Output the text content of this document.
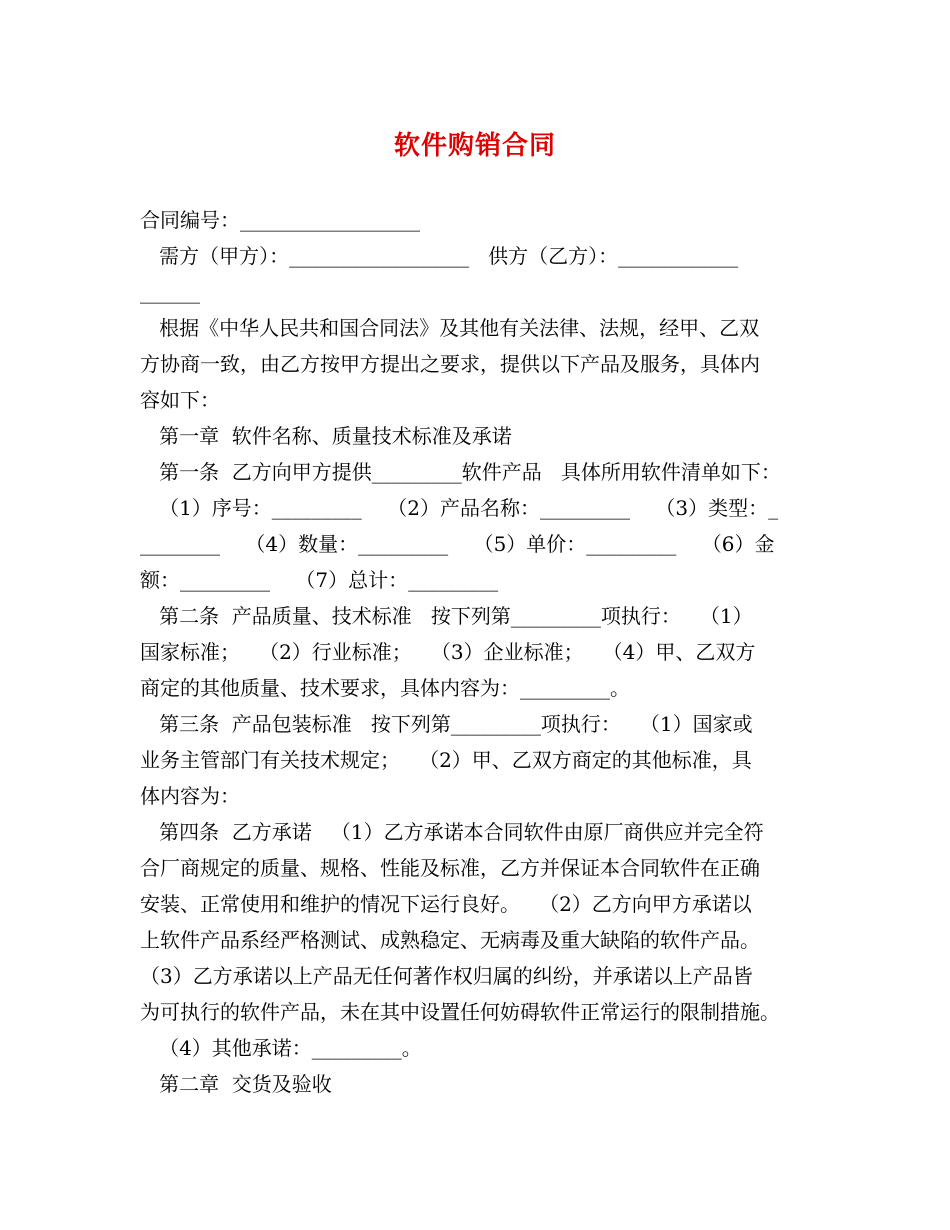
软件购销合同
合同编号：__________________
需方（甲方）：__________________   供方（乙方）：____________
______
根据《中华人民共和国合同法》及其他有关法律、法规，经甲、乙双
方协商一致，由乙方按甲方提出之要求，提供以下产品及服务，具体内
容如下：
第一章  软件名称、质量技术标准及承诺
第一条  乙方向甲方提供_________软件产品   具体所用软件清单如下：
（1）序号：_________    （2）产品名称：_________    （3）类型：_
________    （4）数量：_________    （5）单价：_________    （6）金
额：_________    （7）总计：_________
第二条  产品质量、技术标准   按下列第_________项执行：   （1）
国家标准；   （2）行业标准；   （3）企业标准；   （4）甲、乙双方
商定的其他质量、技术要求，具体内容为：_________。
第三条  产品包装标准   按下列第_________项执行：   （1）国家或
业务主管部门有关技术规定；   （2）甲、乙双方商定的其他标准，具
体内容为：
第四条  乙方承诺   （1）乙方承诺本合同软件由原厂商供应并完全符
合厂商规定的质量、规格、性能及标准，乙方并保证本合同软件在正确
安装、正常使用和维护的情况下运行良好。   （2）乙方向甲方承诺以
上软件产品系经严格测试、成熟稳定、无病毒及重大缺陷的软件产品。
（3）乙方承诺以上产品无任何著作权归属的纠纷，并承诺以上产品皆
为可执行的软件产品，未在其中设置任何妨碍软件正常运行的限制措施。
（4）其他承诺：_________。
第二章  交货及验收
